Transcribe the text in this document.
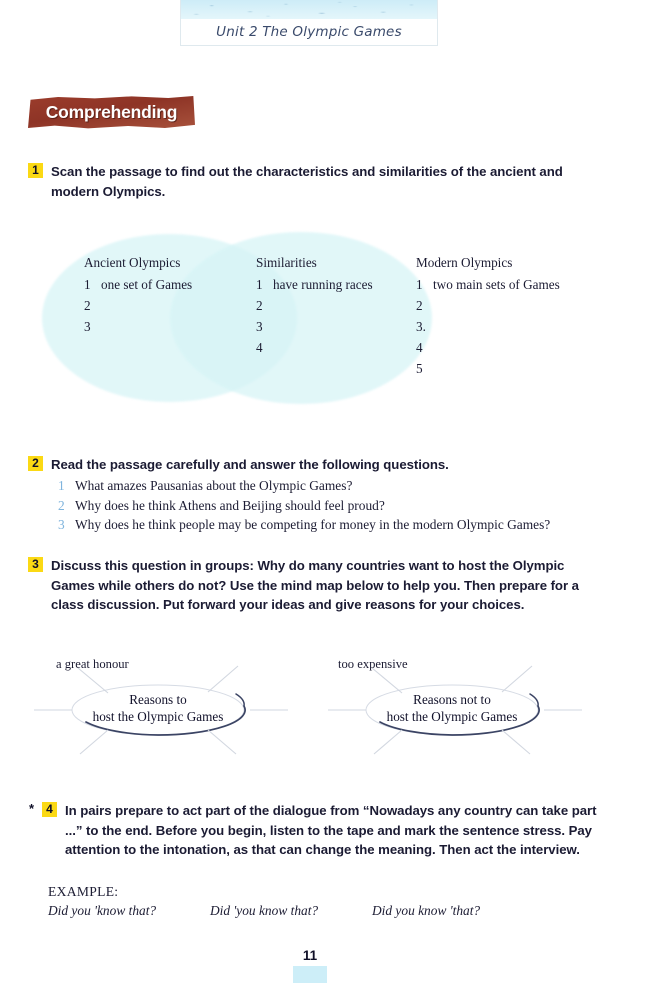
Unit 2 The Olympic Games
Comprehending
1 Scan the passage to find out the characteristics and similarities of the ancient and modern Olympics.
Ancient Olympics
1 one set of Games
2
3
Similarities
1 have running races
2
3
4
Modern Olympics
1 two main sets of Games
2
3.
4
5
2 Read the passage carefully and answer the following questions.
1 What amazes Pausanias about the Olympic Games?
2 Why does he think Athens and Beijing should feel proud?
3 Why does he think people may be competing for money in the modern Olympic Games?
3 Discuss this question in groups: Why do many countries want to host the Olympic Games while others do not? Use the mind map below to help you. Then prepare for a class discussion. Put forward your ideas and give reasons for your choices.
a great honour
Reasons to
host the Olympic Games
too expensive
Reasons not to
host the Olympic Games
*	4 In pairs prepare to act part of the dialogue from “Nowadays any country can take part ...” to the end. Before you begin, listen to the tape and mark the sentence stress. Pay attention to the intonation, as that can change the meaning. Then act the interview.
EXAMPLE:
Did you 'know that?	Did 'you know that?	Did you know 'that?
11
